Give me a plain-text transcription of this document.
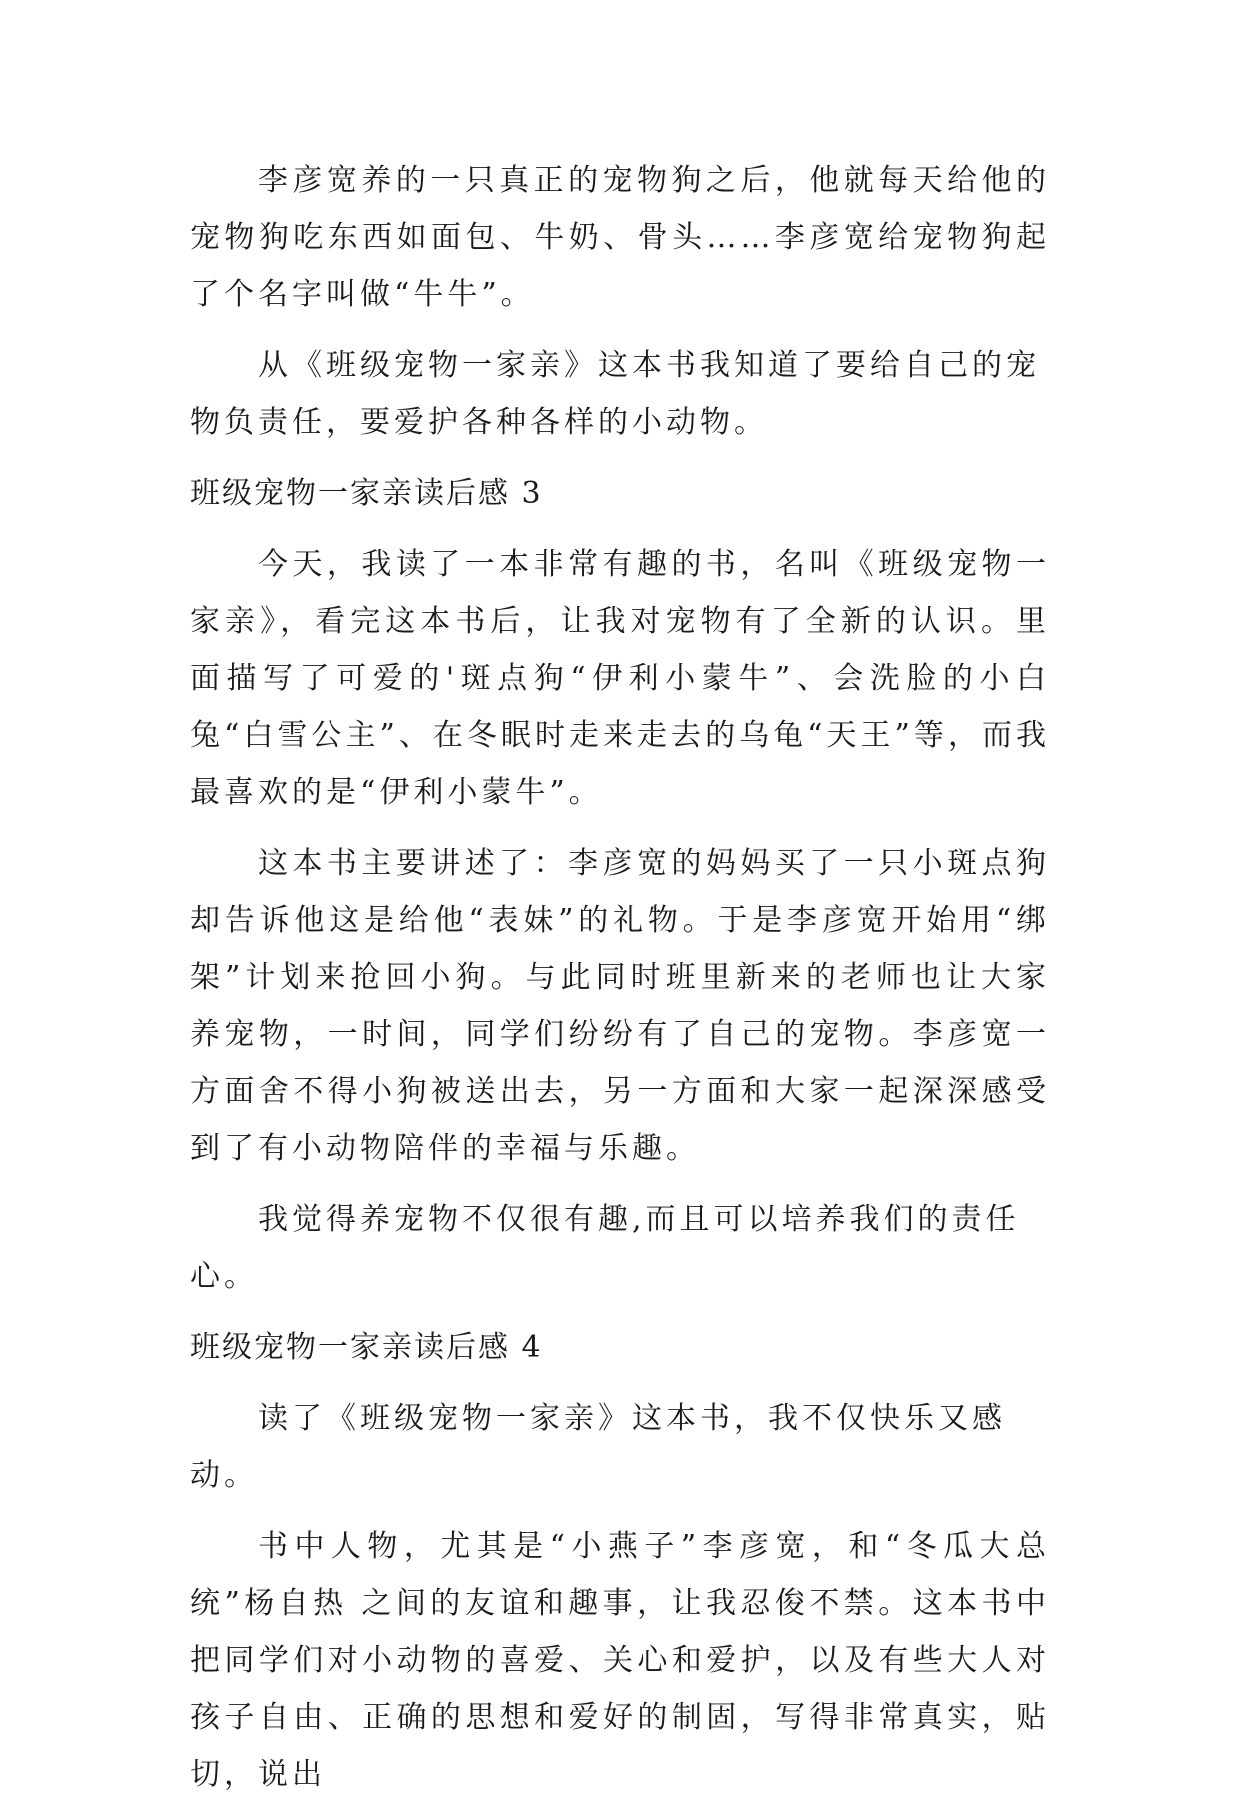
李彦宽养的一只真正的宠物狗之后，他就每天给他的宠物狗吃东西如面包、牛奶、骨头……李彦宽给宠物狗起了个名字叫做“牛牛”。

从《班级宠物一家亲》这本书我知道了要给自己的宠物负责任，要爱护各种各样的小动物。

班级宠物一家亲读后感 3

今天，我读了一本非常有趣的书，名叫《班级宠物一家亲》，看完这本书后，让我对宠物有了全新的认识。里面描写了可爱的'斑点狗“伊利小蒙牛”、会洗脸的小白兔“白雪公主”、在冬眠时走来走去的乌龟“天王”等，而我最喜欢的是“伊利小蒙牛”。

这本书主要讲述了：李彦宽的妈妈买了一只小斑点狗却告诉他这是给他“表妹”的礼物。于是李彦宽开始用“绑架”计划来抢回小狗。与此同时班里新来的老师也让大家养宠物，一时间，同学们纷纷有了自己的宠物。李彦宽一方面舍不得小狗被送出去，另一方面和大家一起深深感受到了有小动物陪伴的幸福与乐趣。

我觉得养宠物不仅很有趣,而且可以培养我们的责任心。

班级宠物一家亲读后感 4

读了《班级宠物一家亲》这本书，我不仅快乐又感动。

书中人物，尤其是“小燕子”李彦宽，和“冬瓜大总统”杨自热 之间的友谊和趣事，让我忍俊不禁。这本书中把同学们对小动物的喜爱、关心和爱护，以及有些大人对孩子自由、正确的思想和爱好的制固，写得非常真实，贴切，说出
